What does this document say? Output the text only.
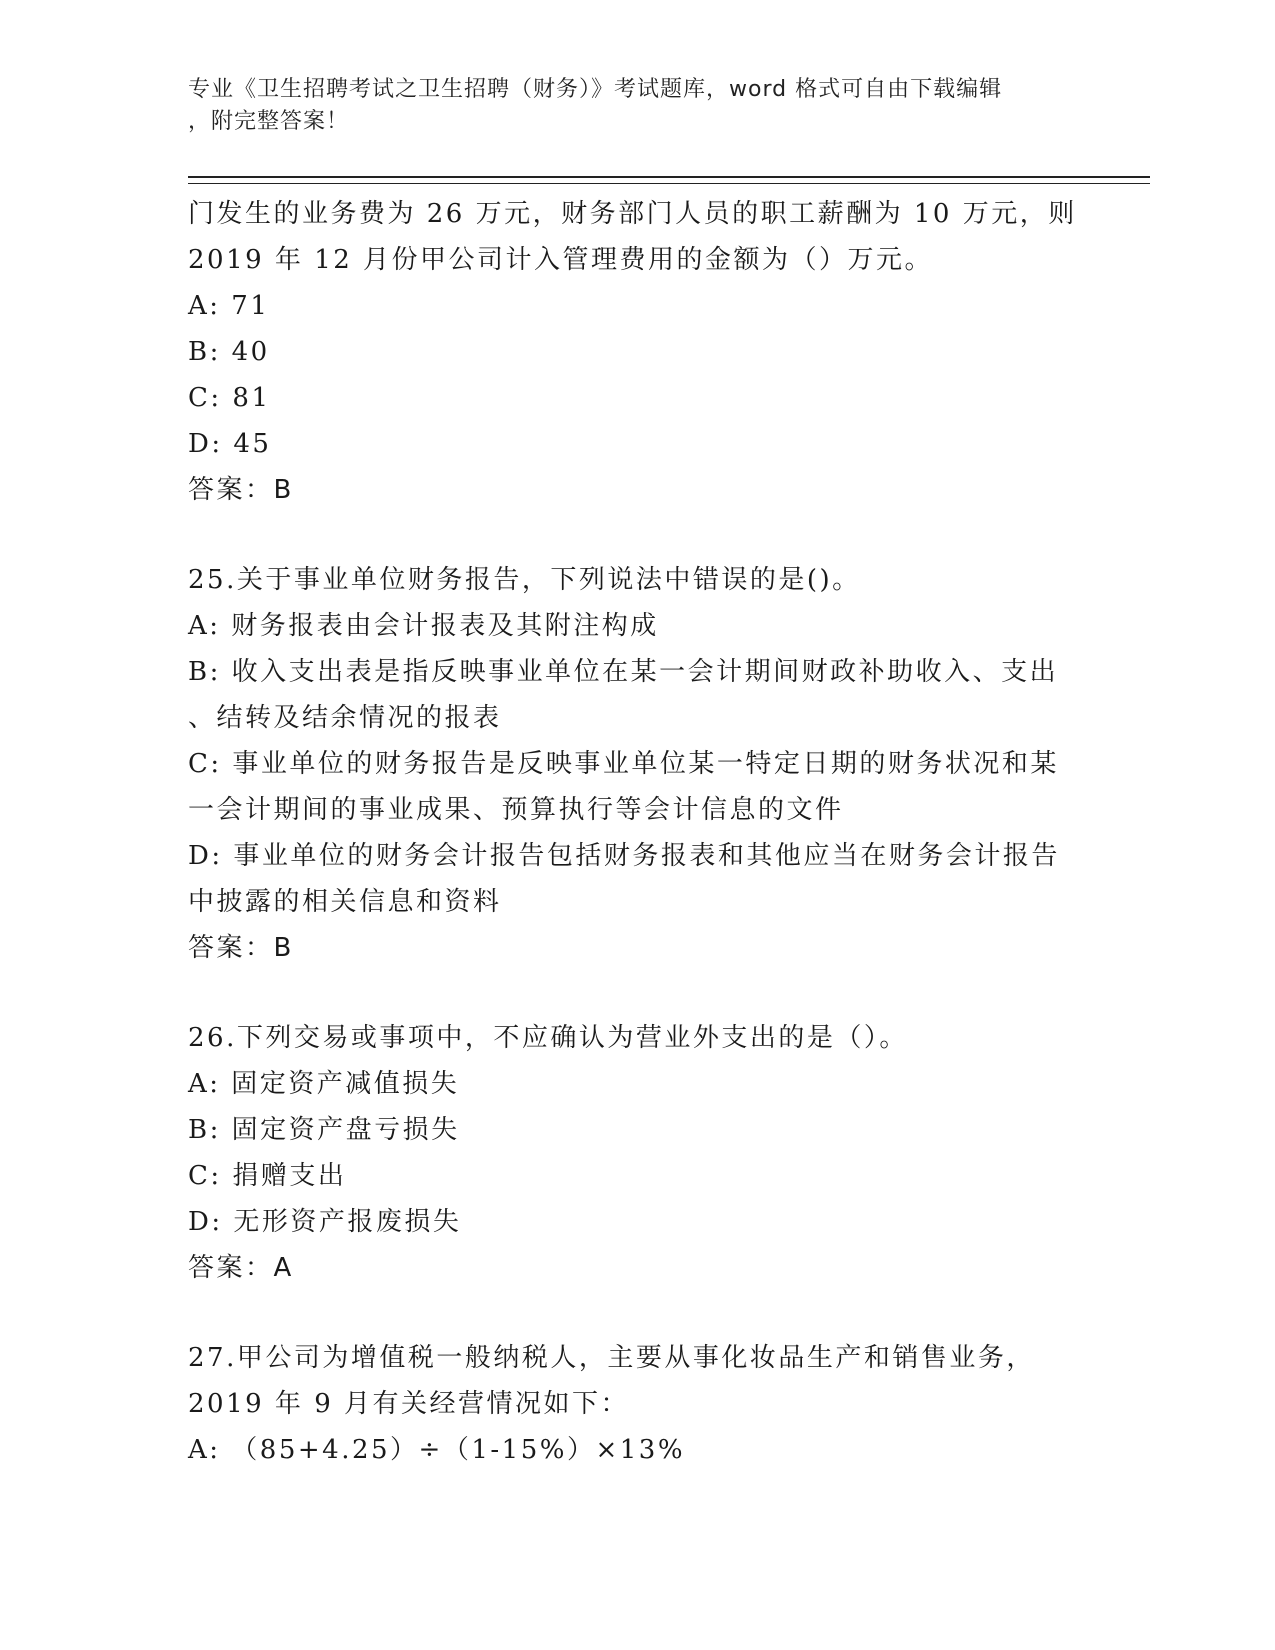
专业《卫生招聘考试之卫生招聘（财务）》考试题库，word 格式可自由下载编辑
，附完整答案！
门发生的业务费为 26 万元，财务部门人员的职工薪酬为 10 万元，则
2019 年 12 月份甲公司计入管理费用的金额为（）万元。
A: 71
B: 40
C: 81
D: 45
答案：B
25.关于事业单位财务报告，下列说法中错误的是()。
A: 财务报表由会计报表及其附注构成
B: 收入支出表是指反映事业单位在某一会计期间财政补助收入、支出
、结转及结余情况的报表
C: 事业单位的财务报告是反映事业单位某一特定日期的财务状况和某
一会计期间的事业成果、预算执行等会计信息的文件
D: 事业单位的财务会计报告包括财务报表和其他应当在财务会计报告
中披露的相关信息和资料
答案：B
26.下列交易或事项中，不应确认为营业外支出的是（）。
A: 固定资产减值损失
B: 固定资产盘亏损失
C: 捐赠支出
D: 无形资产报废损失
答案：A
27.甲公司为增值税一般纳税人，主要从事化妆品生产和销售业务，
2019 年 9 月有关经营情况如下：
A: （85+4.25）÷（1-15%）×13%
